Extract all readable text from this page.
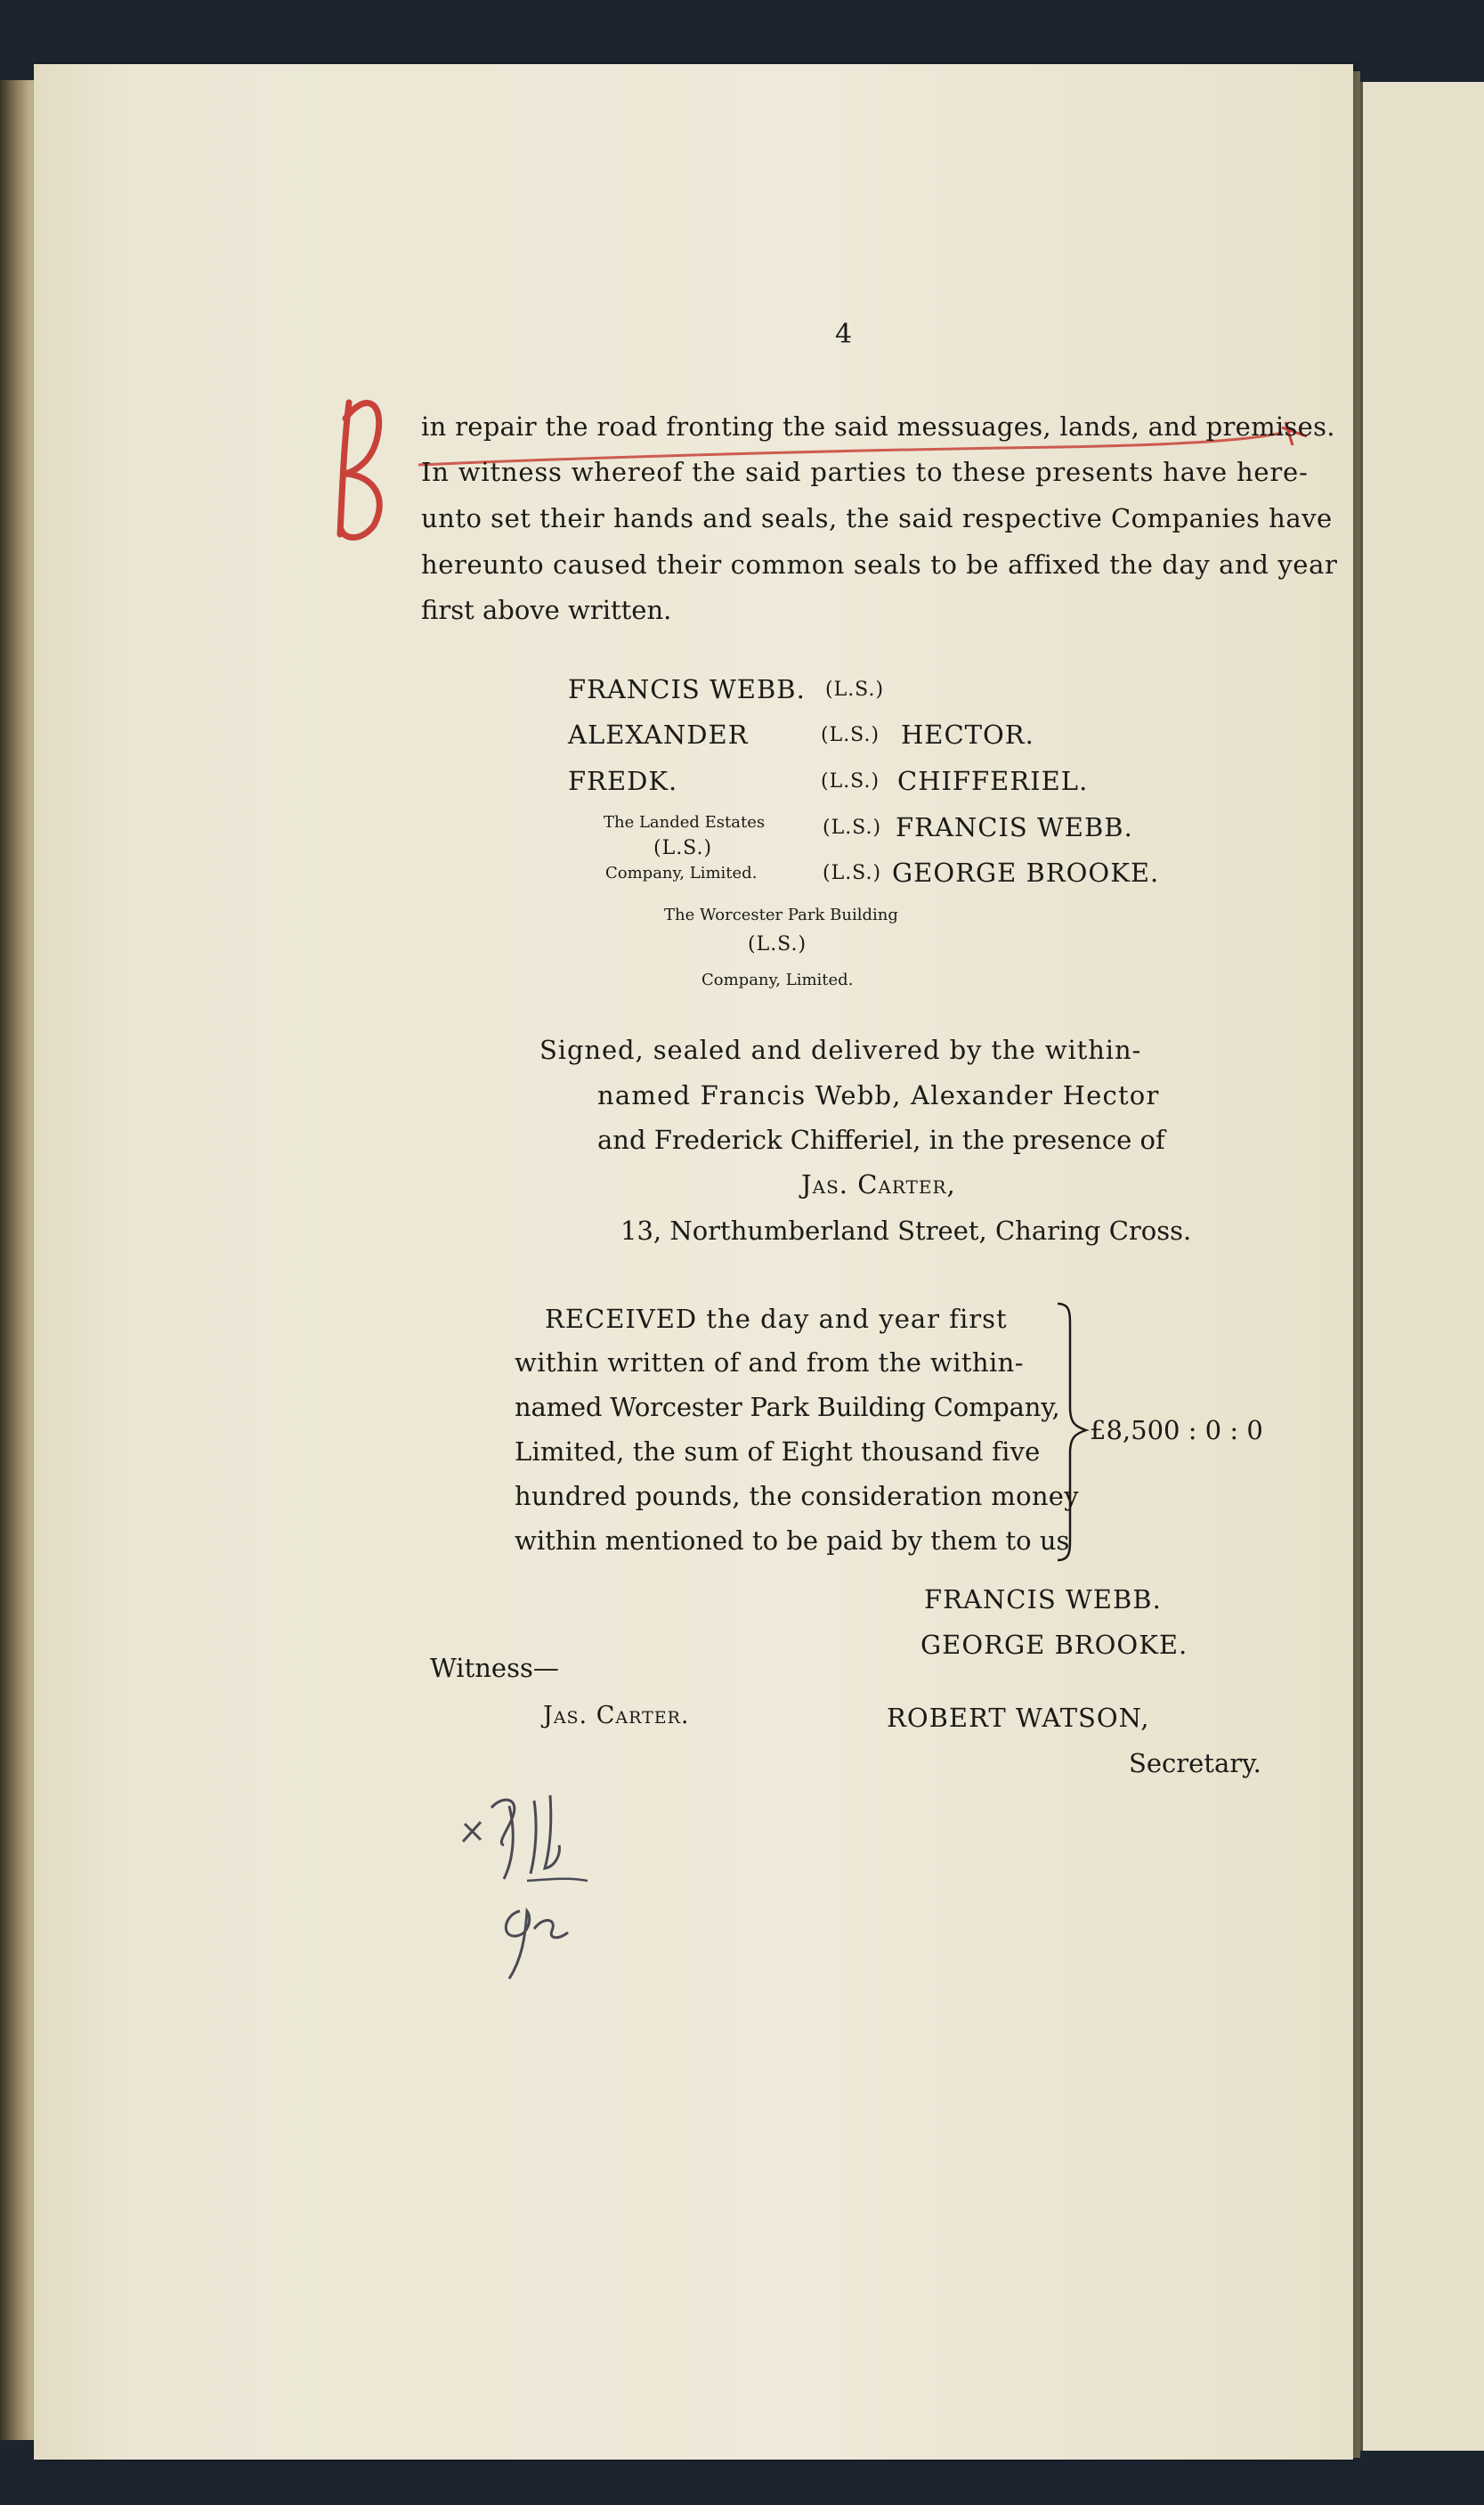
4
in repair the road fronting the said messuages, lands, and premises.
In witness whereof the said parties to these presents have here-
unto set their hands and seals, the said respective Companies have
hereunto caused their common seals to be affixed the day and year
first above written.
FRANCIS WEBB. (L.S.)
ALEXANDER	(L.S.) HECTOR.
FREDK.	(L.S.) CHIFFERIEL.
The Landed Estates
(L.S.)
Company, Limited.
(L.S.) FRANCIS WEBB.
(L.S.) GEORGE BROOKE.
The Worcester Park Building
(L.S.)
Company, Limited.
Signed, sealed and delivered by the within-
named Francis Webb, Alexander Hector
and Frederick Chifferiel, in the presence of
Jas. Carter,
13, Northumberland Street, Charing Cross.
RECEIVED the day and year first
within written of and from the within-
named Worcester Park Building Company,
Limited, the sum of Eight thousand five
hundred pounds, the consideration money
within mentioned to be paid by them to us
£8,500 : 0 : 0
FRANCIS WEBB.
GEORGE BROOKE.
Witness—
Jas. Carter.	ROBERT WATSON,
Secretary.
